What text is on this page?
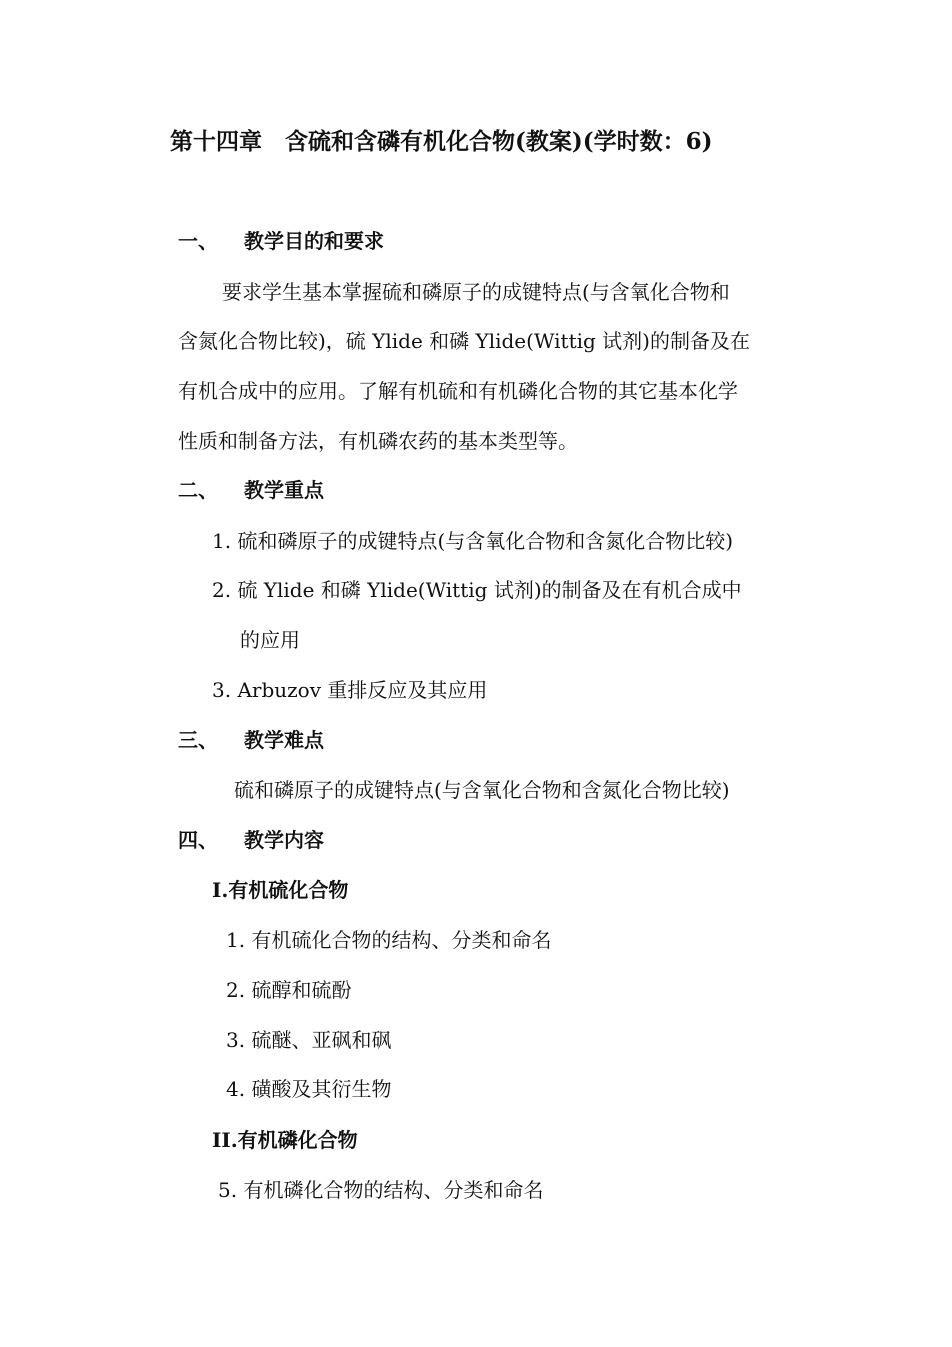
第十四章　含硫和含磷有机化合物(教案)(学时数：6)
一、 教学目的和要求
要求学生基本掌握硫和磷原子的成键特点(与含氧化合物和
含氮化合物比较)，硫 Ylide 和磷 Ylide(Wittig 试剂)的制备及在
有机合成中的应用。了解有机硫和有机磷化合物的其它基本化学
性质和制备方法，有机磷农药的基本类型等。
二、 教学重点
1. 硫和磷原子的成键特点(与含氧化合物和含氮化合物比较)
2. 硫 Ylide 和磷 Ylide(Wittig 试剂)的制备及在有机合成中
的应用
3. Arbuzov 重排反应及其应用
三、 教学难点
硫和磷原子的成键特点(与含氧化合物和含氮化合物比较)
四、 教学内容
I.有机硫化合物
1. 有机硫化合物的结构、分类和命名
2. 硫醇和硫酚
3. 硫醚、亚砜和砜
4. 磺酸及其衍生物
II.有机磷化合物
5. 有机磷化合物的结构、分类和命名
